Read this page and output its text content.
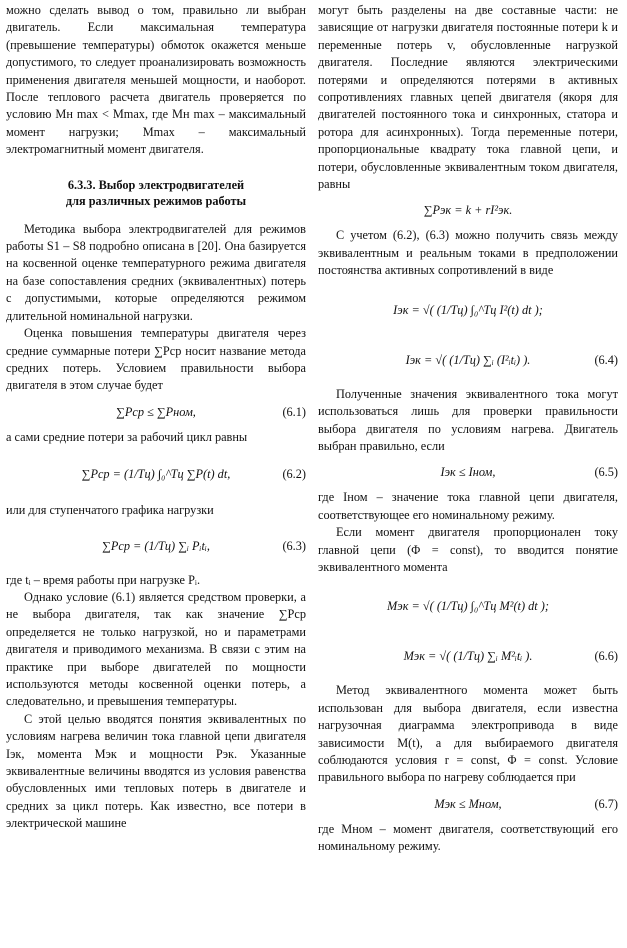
можно сделать вывод о том, правильно ли выбран двигатель. Если максимальная температура (превышение температуры) обмоток окажется меньше допустимого, то следует проанализировать возможность применения двигателя меньшей мощности, и наоборот. После теплового расчета двигатель проверяется по условию Mн max < Mmax, где Mн max – максимальный момент нагрузки; Mmax – максимальный электромагнитный момент двигателя.

6.3.3. Выбор электродвигателей
для различных режимов работы

Методика выбора электродвигателей для режимов работы S1 – S8 подробно описана в [20]. Она базируется на косвенной оценке температурного режима двигателя на базе сопоставления средних (эквивалентных) потерь с допустимыми, которые определяются режимом длительной номинальной нагрузки.

Оценка повышения температуры двигателя через средние суммарные потери ∑Pср носит название метода средних потерь. Условием правильности выбора двигателя в этом случае будет

∑Pср ≤ ∑Pном,	(6.1)

а сами средние потери за рабочий цикл равны

∑Pср = (1/Tц) ∫₀^Tц ∑P(t) dt,	(6.2)

или для ступенчатого графика нагрузки

∑Pср = (1/Tц) ∑ᵢ Pᵢtᵢ,	(6.3)

где tᵢ – время работы при нагрузке Pᵢ.

Однако условие (6.1) является средством проверки, а не выбора двигателя, так как значение ∑Pср определяется не только нагрузкой, но и параметрами двигателя и приводимого механизма. В связи с этим на практике при выборе двигателей по мощности используются методы косвенной оценки потерь, а следовательно, и превышения температуры.

С этой целью вводятся понятия эквивалентных по условиям нагрева величин тока главной цепи двигателя Iэк, момента Mэк и мощности Pэк. Указанные эквивалентные величины вводятся из условия равенства обусловленных ими тепловых потерь в двигателе и средних за цикл потерь. Как известно, все потери в электрической машине

могут быть разделены на две составные части: не зависящие от нагрузки двигателя постоянные потери k и переменные потерь v, обусловленные нагрузкой двигателя. Последние являются электрическими потерями и определяются потерями в активных сопротивлениях главных цепей двигателя (якоря для двигателей постоянного тока и синхронных, статора и ротора для асинхронных). Тогда переменные потери, пропорциональные квадрату тока главной цепи, и потери, обусловленные эквивалентным током двигателя, равны

∑Pэк = k + rI²эк.

С учетом (6.2), (6.3) можно получить связь между эквивалентным и реальным токами в предположении постоянства активных сопротивлений в виде

Iэк = √( (1/Tц) ∫₀^Tц I²(t) dt );
Iэк = √( (1/Tц) ∑ᵢ (I²ᵢtᵢ) ).	(6.4)

Полученные значения эквивалентного тока могут использоваться лишь для проверки правильности выбора двигателя по условиям нагрева. Двигатель выбран правильно, если

Iэк ≤ Iном,	(6.5)

где Iном – значение тока главной цепи двигателя, соответствующее его номинальному режиму.

Если момент двигателя пропорционален току главной цепи (Φ = const), то вводится понятие эквивалентного момента

Mэк = √( (1/Tц) ∫₀^Tц M²(t) dt );
Mэк = √( (1/Tц) ∑ᵢ M²ᵢtᵢ ).	(6.6)

Метод эквивалентного момента может быть использован для выбора двигателя, если известна нагрузочная диаграмма электропривода в виде зависимости M(t), а для выбираемого двигателя соблюдаются условия r = const, Φ = const. Условие правильного выбора по нагреву соблюдается при

Mэк ≤ Mном,	(6.7)

где Mном – момент двигателя, соответствующий его номинальному режиму.
